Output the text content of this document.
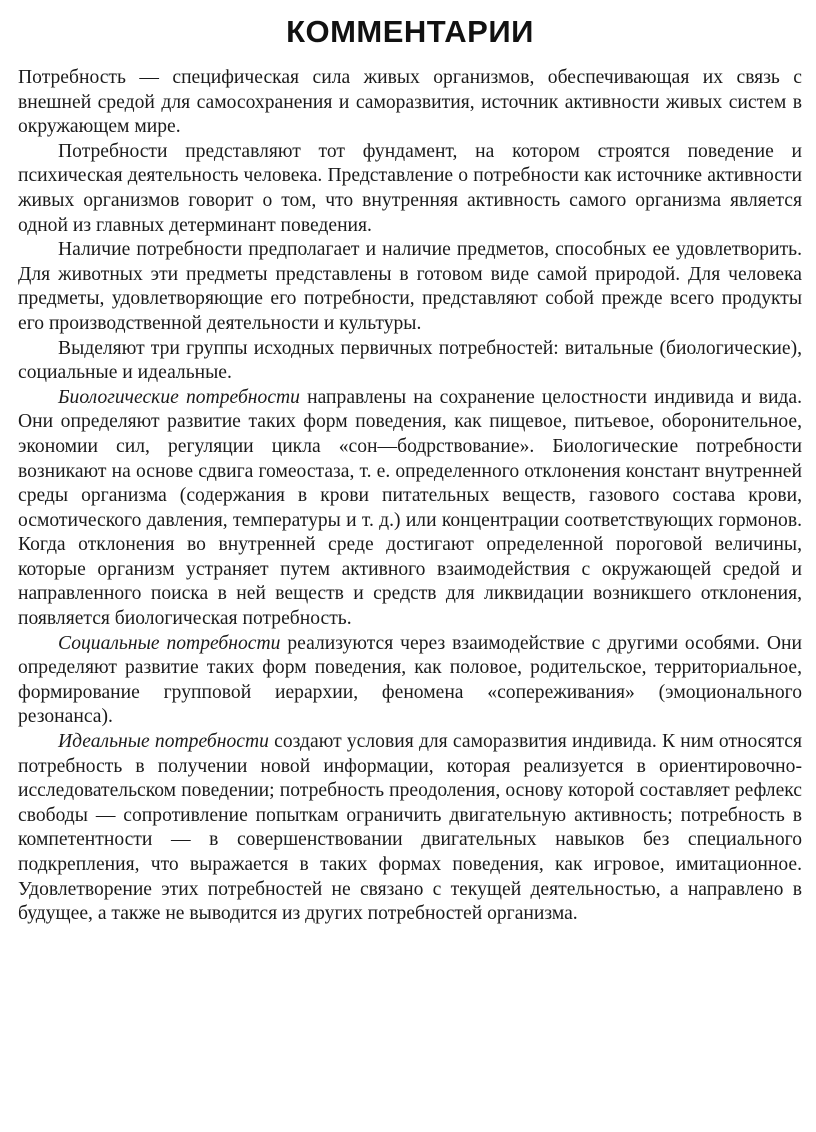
КОММЕНТАРИИ

Потребность — специфическая сила живых организмов, обеспечивающая их связь с внешней средой для самосохранения и саморазвития, источник активности живых систем в окружающем мире.

Потребности представляют тот фундамент, на котором строятся поведение и психическая деятельность человека. Представление о потребности как источнике активности живых организмов говорит о том, что внутренняя активность самого организма является одной из главных детерминант поведения.

Наличие потребности предполагает и наличие предметов, способных ее удовлетворить. Для животных эти предметы представлены в готовом виде самой природой. Для человека предметы, удовлетворяющие его потребности, представляют собой прежде всего продукты его производственной деятельности и культуры.

Выделяют три группы исходных первичных потребностей: витальные (биологические), социальные и идеальные.

Биологические потребности направлены на сохранение целостности индивида и вида. Они определяют развитие таких форм поведения, как пищевое, питьевое, оборонительное, экономии сил, регуляции цикла «сон—бодрствование». Биологические потребности возникают на основе сдвига гомеостаза, т. е. определенного отклонения констант внутренней среды организма (содержания в крови питательных веществ, газового состава крови, осмотического давления, температуры и т. д.) или концентрации соответствующих гормонов. Когда отклонения во внутренней среде достигают определенной пороговой величины, которые организм устраняет путем активного взаимодействия с окружающей средой и направленного поиска в ней веществ и средств для ликвидации возникшего отклонения, появляется биологическая потребность.

Социальные потребности реализуются через взаимодействие с другими особями. Они определяют развитие таких форм поведения, как половое, родительское, территориальное, формирование групповой иерархии, феномена «сопереживания» (эмоционального резонанса).

Идеальные потребности создают условия для саморазвития индивида. К ним относятся потребность в получении новой информации, которая реализуется в ориентировочно-исследовательском поведении; потребность преодоления, основу которой составляет рефлекс свободы — сопротивление попыткам ограничить двигательную активность; потребность в компетентности — в совершенствовании двигательных навыков без специального подкрепления, что выражается в таких формах поведения, как игровое, имитационное. Удовлетворение этих потребностей не связано с текущей деятельностью, а направлено в будущее, а также не выводится из других потребностей организма.
